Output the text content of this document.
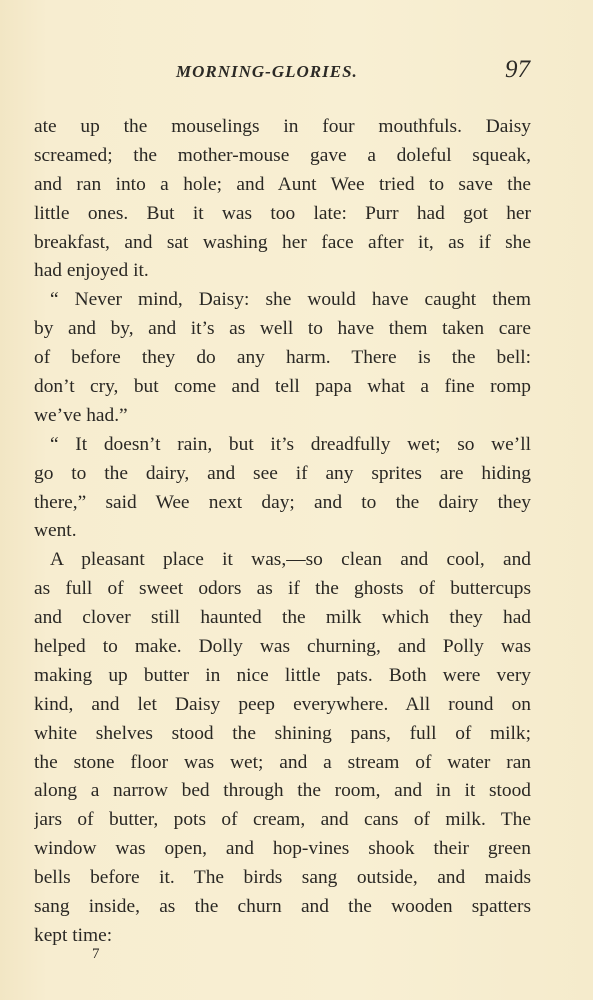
MORNING-GLORIES.	97
ate up the mouselings in four mouthfuls. Daisy
screamed; the mother-mouse gave a doleful squeak,
and ran into a hole; and Aunt Wee tried to save the
little ones. But it was too late: Purr had got her
breakfast, and sat washing her face after it, as if she
had enjoyed it.
“ Never mind, Daisy: she would have caught them
by and by, and it’s as well to have them taken care
of before they do any harm. There is the bell:
don’t cry, but come and tell papa what a fine romp
we’ve had.”
“ It doesn’t rain, but it’s dreadfully wet; so we’ll
go to the dairy, and see if any sprites are hiding
there,” said Wee next day; and to the dairy they
went.
A pleasant place it was,—so clean and cool, and
as full of sweet odors as if the ghosts of buttercups
and clover still haunted the milk which they had
helped to make. Dolly was churning, and Polly was
making up butter in nice little pats. Both were very
kind, and let Daisy peep everywhere. All round on
white shelves stood the shining pans, full of milk;
the stone floor was wet; and a stream of water ran
along a narrow bed through the room, and in it stood
jars of butter, pots of cream, and cans of milk. The
window was open, and hop-vines shook their green
bells before it. The birds sang outside, and maids
sang inside, as the churn and the wooden spatters
kept time:
7
